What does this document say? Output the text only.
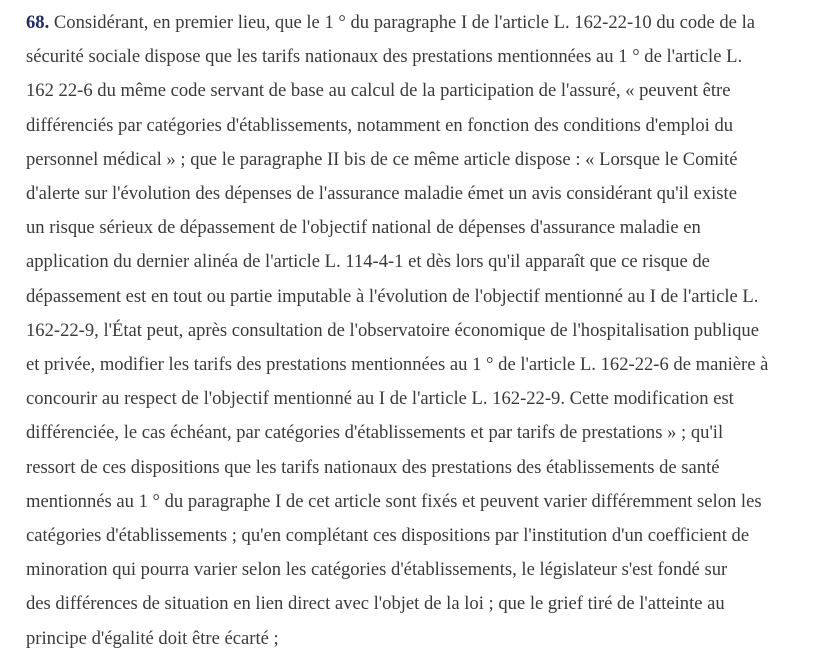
68. Considérant, en premier lieu, que le 1 ° du paragraphe I de l'article L. 162-22-10 du code de la
sécurité sociale dispose que les tarifs nationaux des prestations mentionnées au 1 ° de l'article L.
162 22-6 du même code servant de base au calcul de la participation de l'assuré, « peuvent être
différenciés par catégories d'établissements, notamment en fonction des conditions d'emploi du
personnel médical » ; que le paragraphe II bis de ce même article dispose : « Lorsque le Comité
d'alerte sur l'évolution des dépenses de l'assurance maladie émet un avis considérant qu'il existe
un risque sérieux de dépassement de l'objectif national de dépenses d'assurance maladie en
application du dernier alinéa de l'article L. 114-4-1 et dès lors qu'il apparaît que ce risque de
dépassement est en tout ou partie imputable à l'évolution de l'objectif mentionné au I de l'article L.
162-22-9, l'État peut, après consultation de l'observatoire économique de l'hospitalisation publique
et privée, modifier les tarifs des prestations mentionnées au 1 ° de l'article L. 162-22-6 de manière à
concourir au respect de l'objectif mentionné au I de l'article L. 162-22-9. Cette modification est
différenciée, le cas échéant, par catégories d'établissements et par tarifs de prestations » ; qu'il
ressort de ces dispositions que les tarifs nationaux des prestations des établissements de santé
mentionnés au 1 ° du paragraphe I de cet article sont fixés et peuvent varier différemment selon les
catégories d'établissements ; qu'en complétant ces dispositions par l'institution d'un coefficient de
minoration qui pourra varier selon les catégories d'établissements, le législateur s'est fondé sur
des différences de situation en lien direct avec l'objet de la loi ; que le grief tiré de l'atteinte au
principe d'égalité doit être écarté ;
